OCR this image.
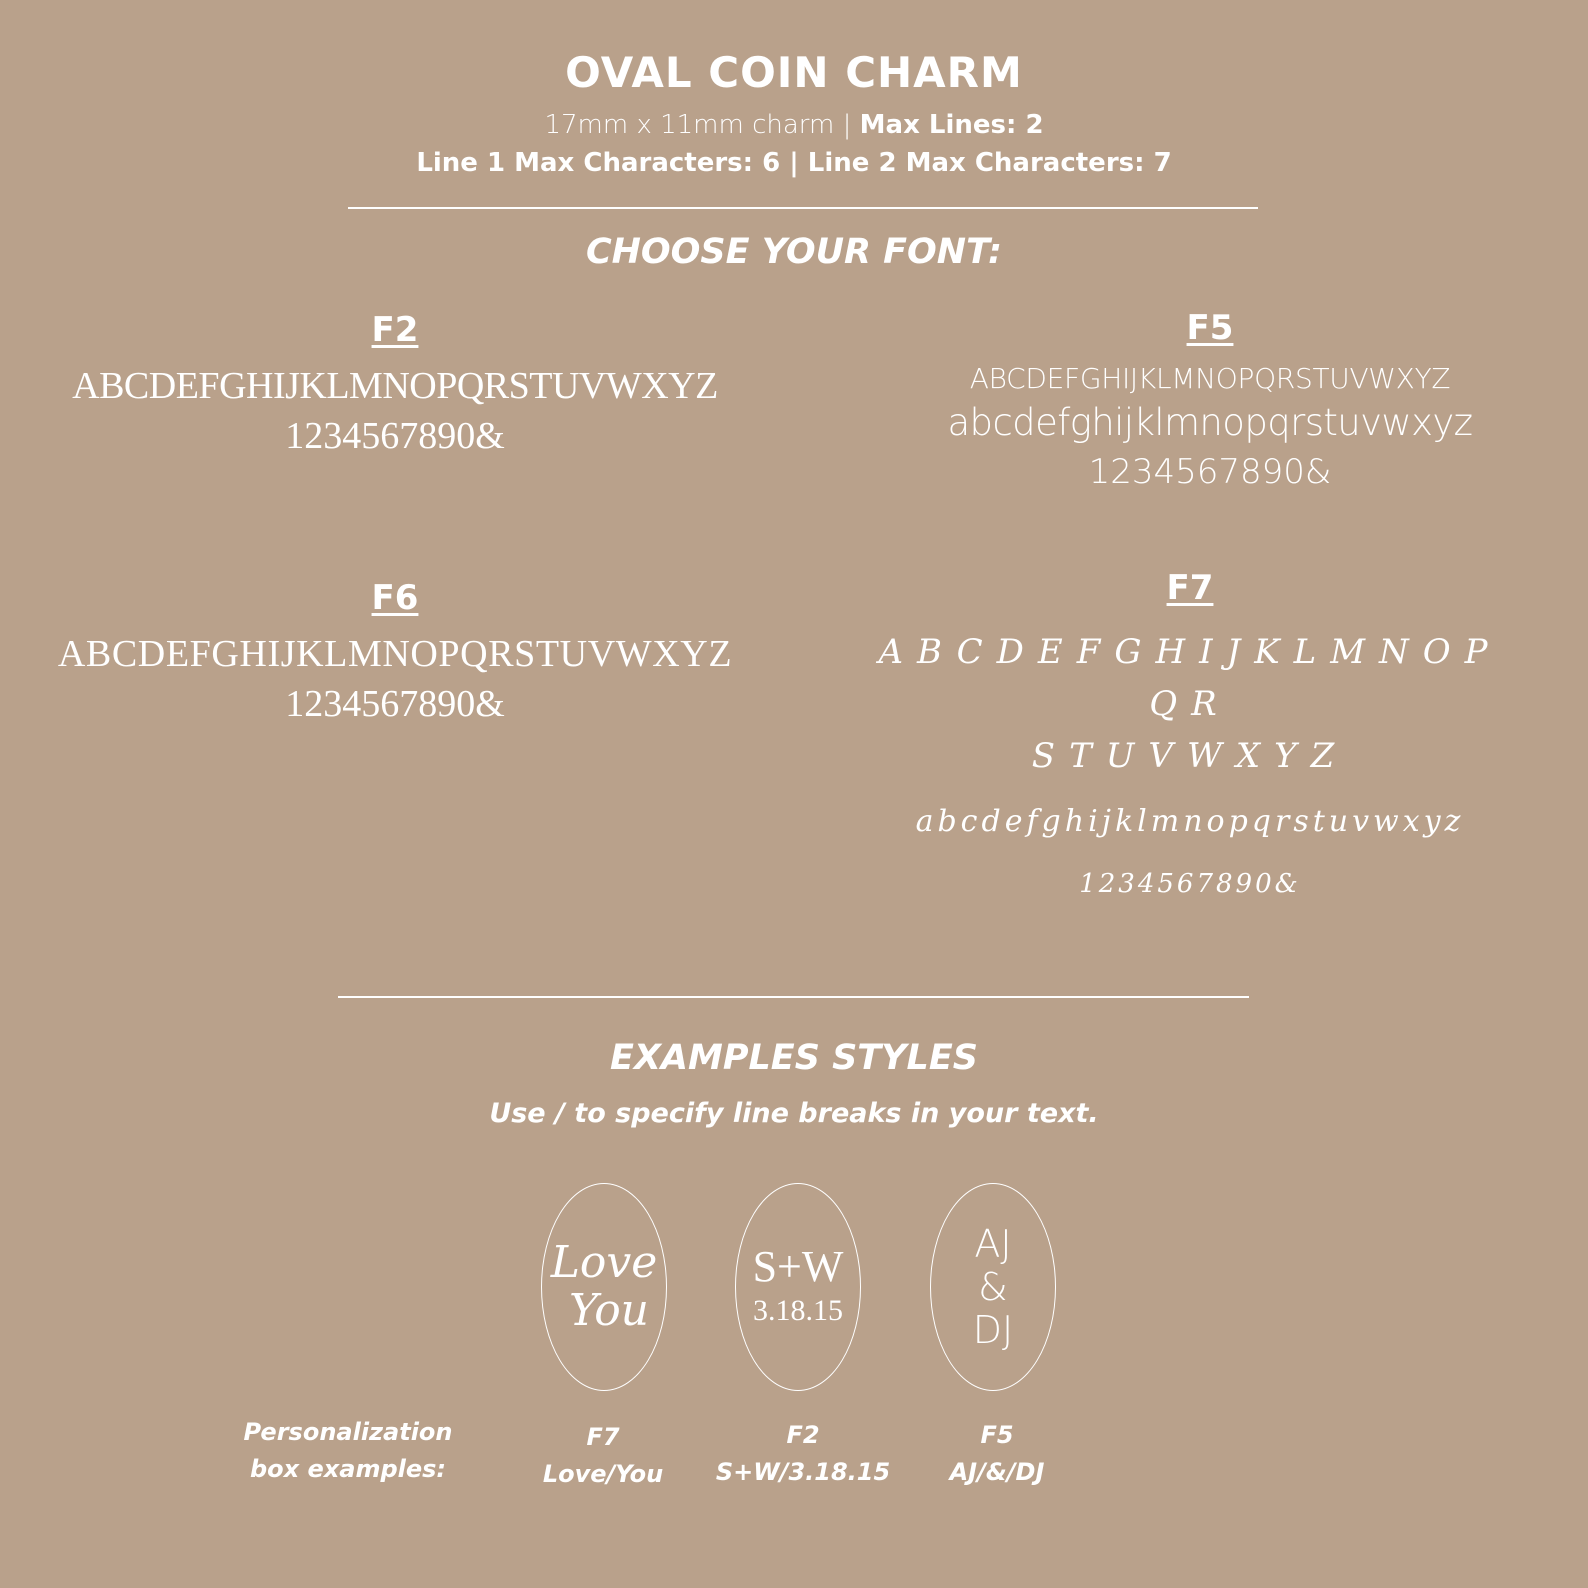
OVAL COIN CHARM
17mm x 11mm charm | Max Lines: 2
Line 1 Max Characters: 6 | Line 2 Max Characters: 7
CHOOSE YOUR FONT:
F2
ABCDEFGHIJKLMNOPQRSTUVWXYZ
1234567890&
F5
ABCDEFGHIJKLMNOPQRSTUVWXYZ
abcdefghijklmnopqrstuvwxyz
1234567890&
F6
ABCDEFGHIJKLMNOPQRSTUVWXYZ
1234567890&
F7
ABCDEFGHIJKLMNOP
QR
STUVWXYZ
abcdefghijklmnopqrstuvwxyz
1234567890&
EXAMPLES STYLES
Use / to specify line breaks in your text.
Love
You
S+W
3.18.15
AJ
&
DJ
Personalization
box examples:
F7
Love/You
F2
S+W/3.18.15
F5
AJ/&/DJ
